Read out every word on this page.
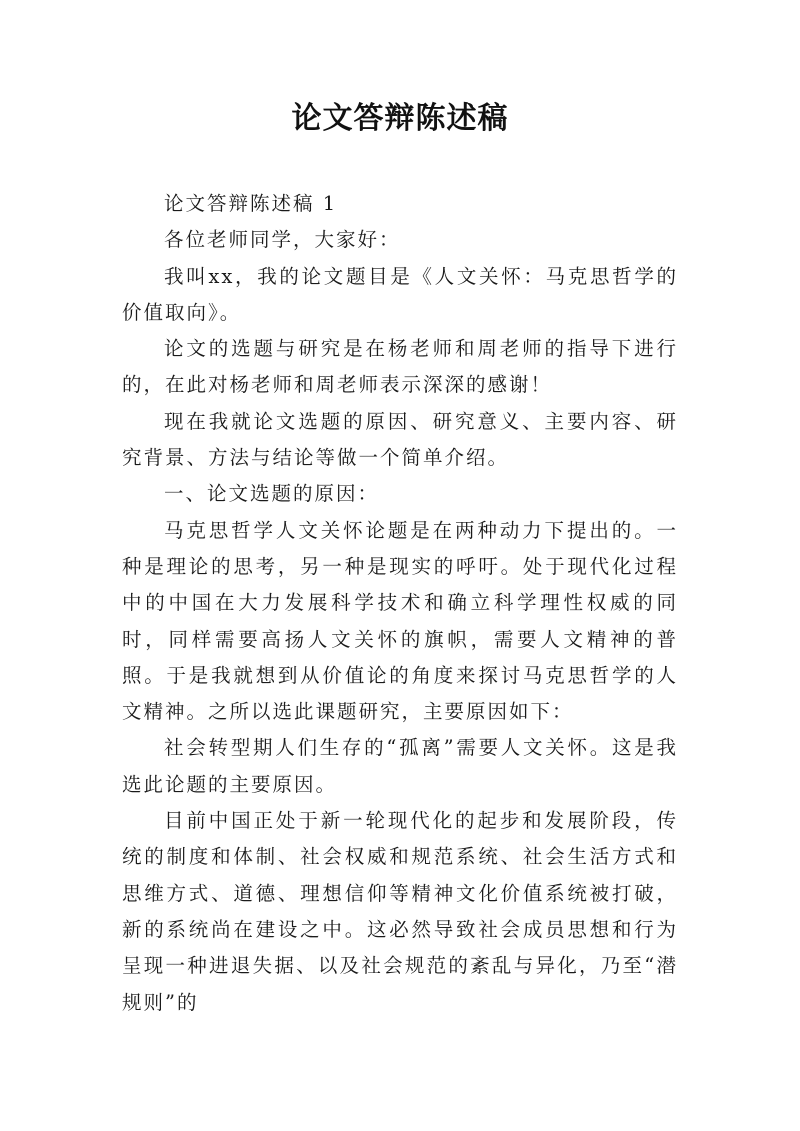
论文答辩陈述稿

论文答辩陈述稿 1

各位老师同学，大家好：

我叫xx，我的论文题目是《人文关怀：马克思哲学的价值取向》。

论文的选题与研究是在杨老师和周老师的指导下进行的，在此对杨老师和周老师表示深深的感谢！

现在我就论文选题的原因、研究意义、主要内容、研究背景、方法与结论等做一个简单介绍。

一、论文选题的原因：

马克思哲学人文关怀论题是在两种动力下提出的。一种是理论的思考，另一种是现实的呼吁。处于现代化过程中的中国在大力发展科学技术和确立科学理性权威的同时，同样需要高扬人文关怀的旗帜，需要人文精神的普照。于是我就想到从价值论的角度来探讨马克思哲学的人文精神。之所以选此课题研究，主要原因如下：

社会转型期人们生存的“孤离”需要人文关怀。这是我选此论题的主要原因。

目前中国正处于新一轮现代化的起步和发展阶段，传统的制度和体制、社会权威和规范系统、社会生活方式和思维方式、道德、理想信仰等精神文化价值系统被打破，新的系统尚在建设之中。这必然导致社会成员思想和行为呈现一种进退失据、以及社会规范的紊乱与异化，乃至“潜规则”的
